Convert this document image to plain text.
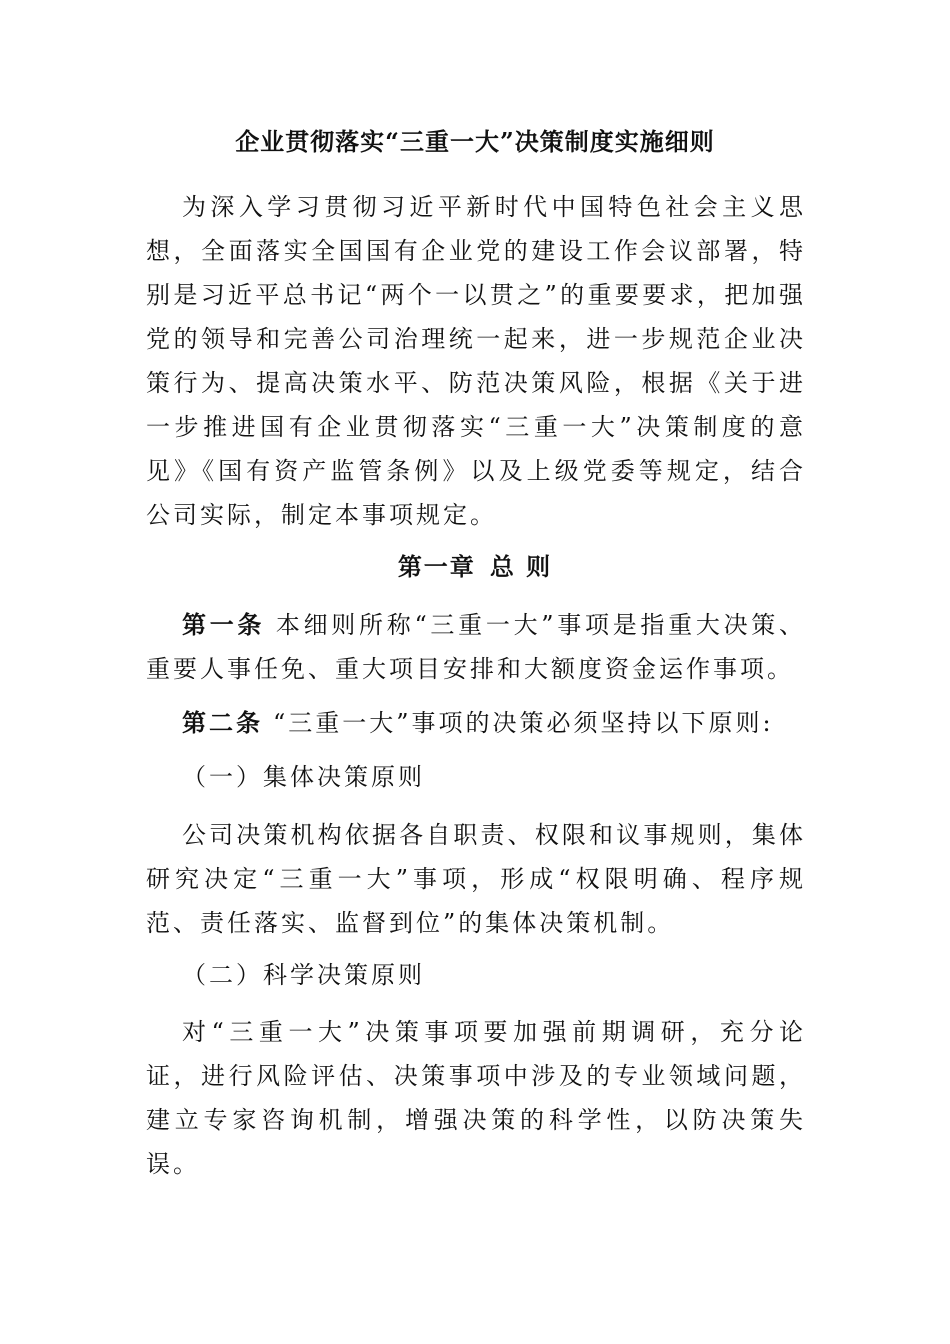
企业贯彻落实“三重一大”决策制度实施细则

为深入学习贯彻习近平新时代中国特色社会主义思想，全面落实全国国有企业党的建设工作会议部署，特别是习近平总书记“两个一以贯之”的重要要求，把加强党的领导和完善公司治理统一起来，进一步规范企业决策行为、提高决策水平、防范决策风险，根据《关于进一步推进国有企业贯彻落实“三重一大”决策制度的意见》《国有资产监管条例》以及上级党委等规定，结合公司实际，制定本事项规定。

第一章 总 则

第一条 本细则所称“三重一大”事项是指重大决策、重要人事任免、重大项目安排和大额度资金运作事项。

第二条 “三重一大”事项的决策必须坚持以下原则:

（一）集体决策原则

公司决策机构依据各自职责、权限和议事规则，集体研究决定“三重一大”事项，形成“权限明确、程序规范、责任落实、监督到位”的集体决策机制。

（二）科学决策原则

对“三重一大”决策事项要加强前期调研，充分论证，进行风险评估、决策事项中涉及的专业领域问题，建立专家咨询机制，增强决策的科学性，以防决策失误。
